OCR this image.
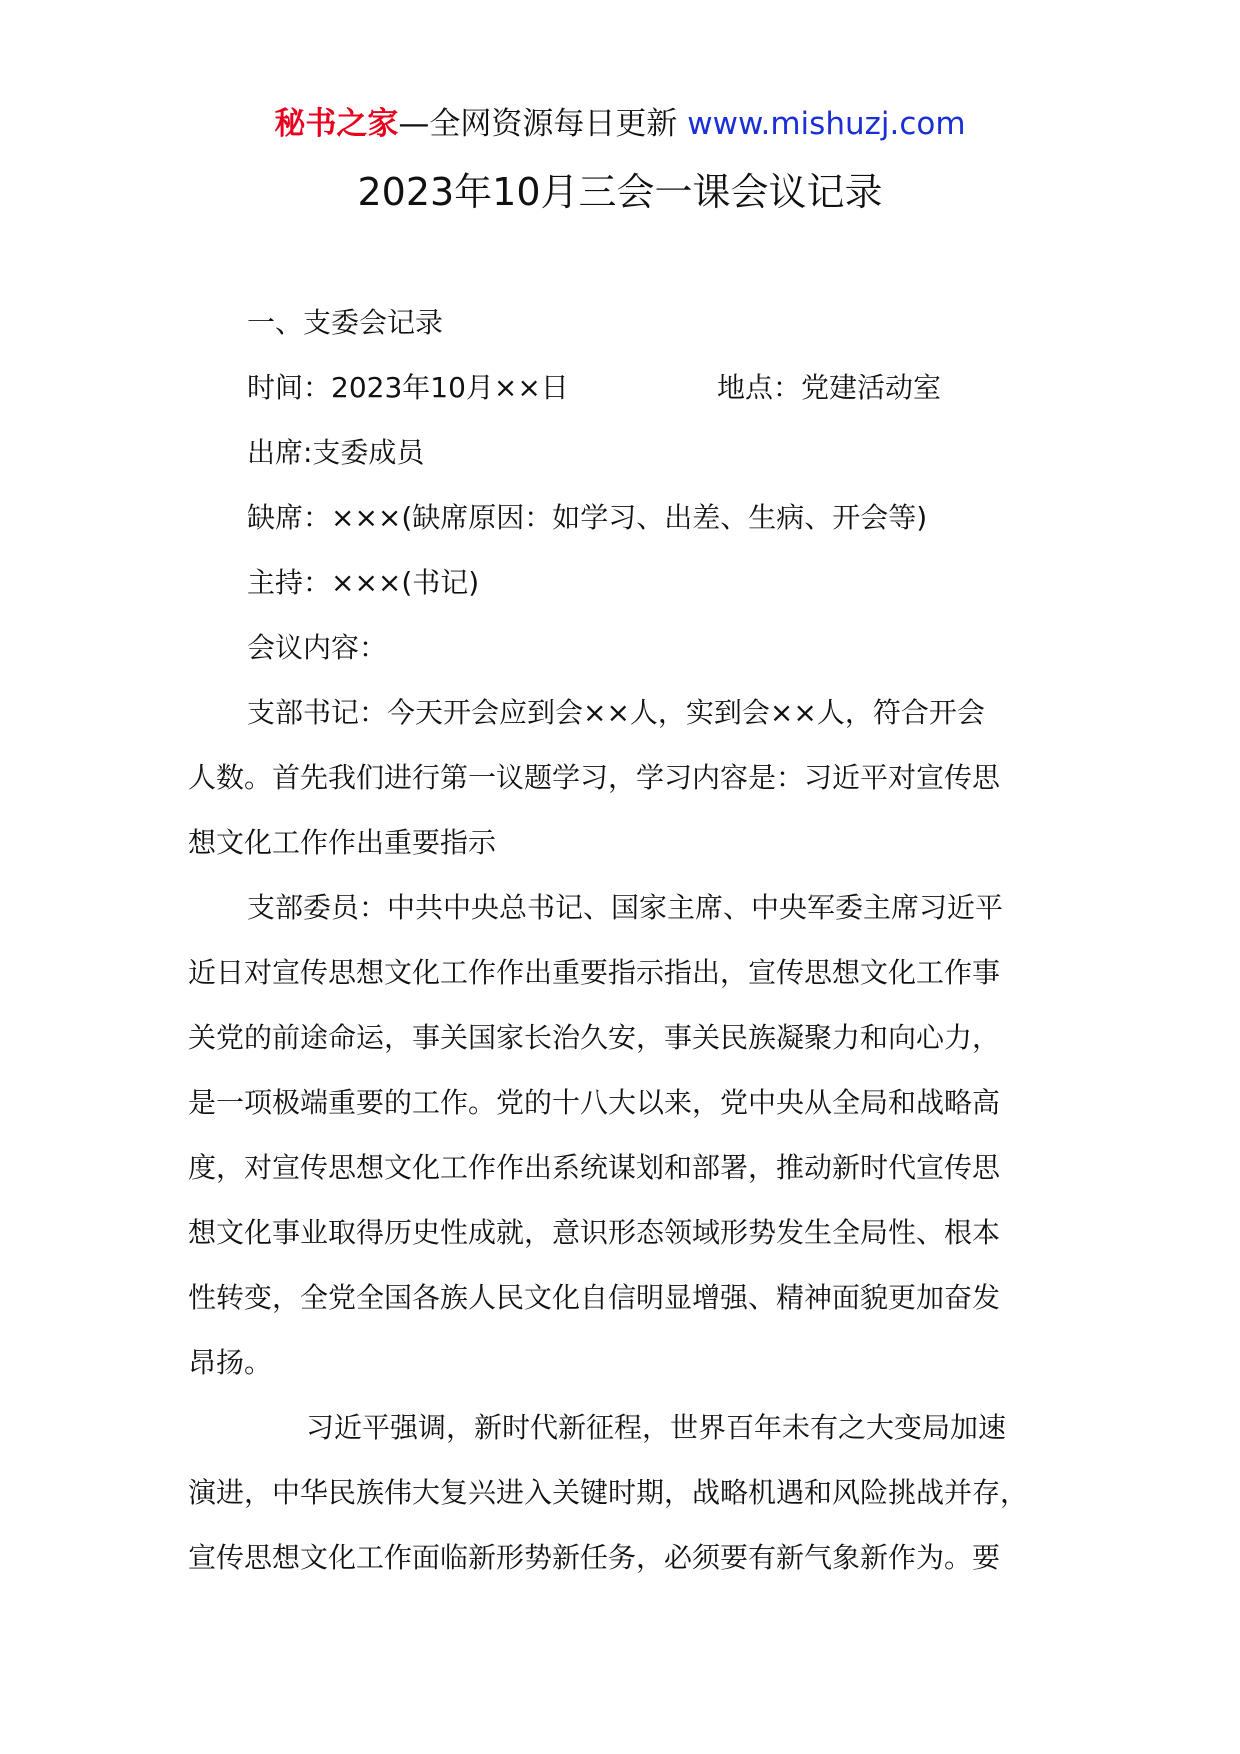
秘书之家—全网资源每日更新 www.mishuzj.com
2023年10月三会一课会议记录
一、支委会记录
时间：2023年10月××日	地点：党建活动室
出席:支委成员
缺席：×××(缺席原因：如学习、出差、生病、开会等)
主持：×××(书记)
会议内容：
支部书记：今天开会应到会××人，实到会××人，符合开会
人数。首先我们进行第一议题学习，学习内容是：习近平对宣传思
想文化工作作出重要指示
支部委员：中共中央总书记、国家主席、中央军委主席习近平
近日对宣传思想文化工作作出重要指示指出，宣传思想文化工作事
关党的前途命运，事关国家长治久安，事关民族凝聚力和向心力，
是一项极端重要的工作。党的十八大以来，党中央从全局和战略高
度，对宣传思想文化工作作出系统谋划和部署，推动新时代宣传思
想文化事业取得历史性成就，意识形态领域形势发生全局性、根本
性转变，全党全国各族人民文化自信明显增强、精神面貌更加奋发
昂扬。
习近平强调，新时代新征程，世界百年未有之大变局加速
演进，中华民族伟大复兴进入关键时期，战略机遇和风险挑战并存，
宣传思想文化工作面临新形势新任务，必须要有新气象新作为。要
